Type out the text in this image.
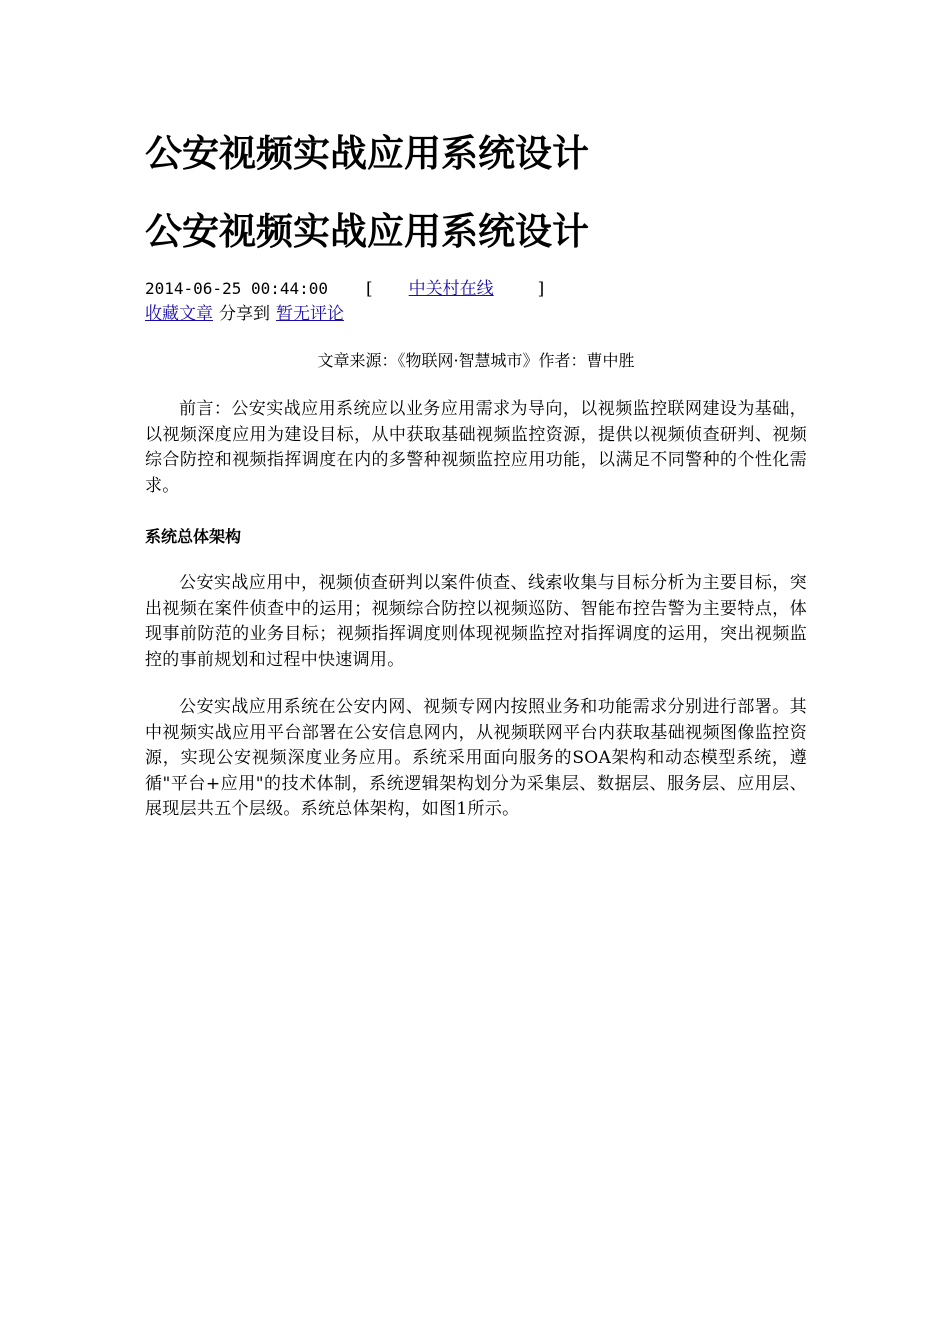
公安视频实战应用系统设计
公安视频实战应用系统设计
2014-06-25 00:44:00 [ 中关村在线	]
收藏文章 分享到 暂无评论
文章来源：《物联网·智慧城市》作者：曹中胜

前言：公安实战应用系统应以业务应用需求为导向，以视频监控联网建设为基础，以视频深度应用为建设目标，从中获取基础视频监控资源，提供以视频侦查研判、视频综合防控和视频指挥调度在内的多警种视频监控应用功能，以满足不同警种的个性化需求。

系统总体架构

公安实战应用中，视频侦查研判以案件侦查、线索收集与目标分析为主要目标，突出视频在案件侦查中的运用；视频综合防控以视频巡防、智能布控告警为主要特点，体现事前防范的业务目标；视频指挥调度则体现视频监控对指挥调度的运用，突出视频监控的事前规划和过程中快速调用。

公安实战应用系统在公安内网、视频专网内按照业务和功能需求分别进行部署。其中视频实战应用平台部署在公安信息网内，从视频联网平台内获取基础视频图像监控资源，实现公安视频深度业务应用。系统采用面向服务的SOA架构和动态模型系统，遵循"平台+应用"的技术体制，系统逻辑架构划分为采集层、数据层、服务层、应用层、展现层共五个层级。系统总体架构，如图1所示。
